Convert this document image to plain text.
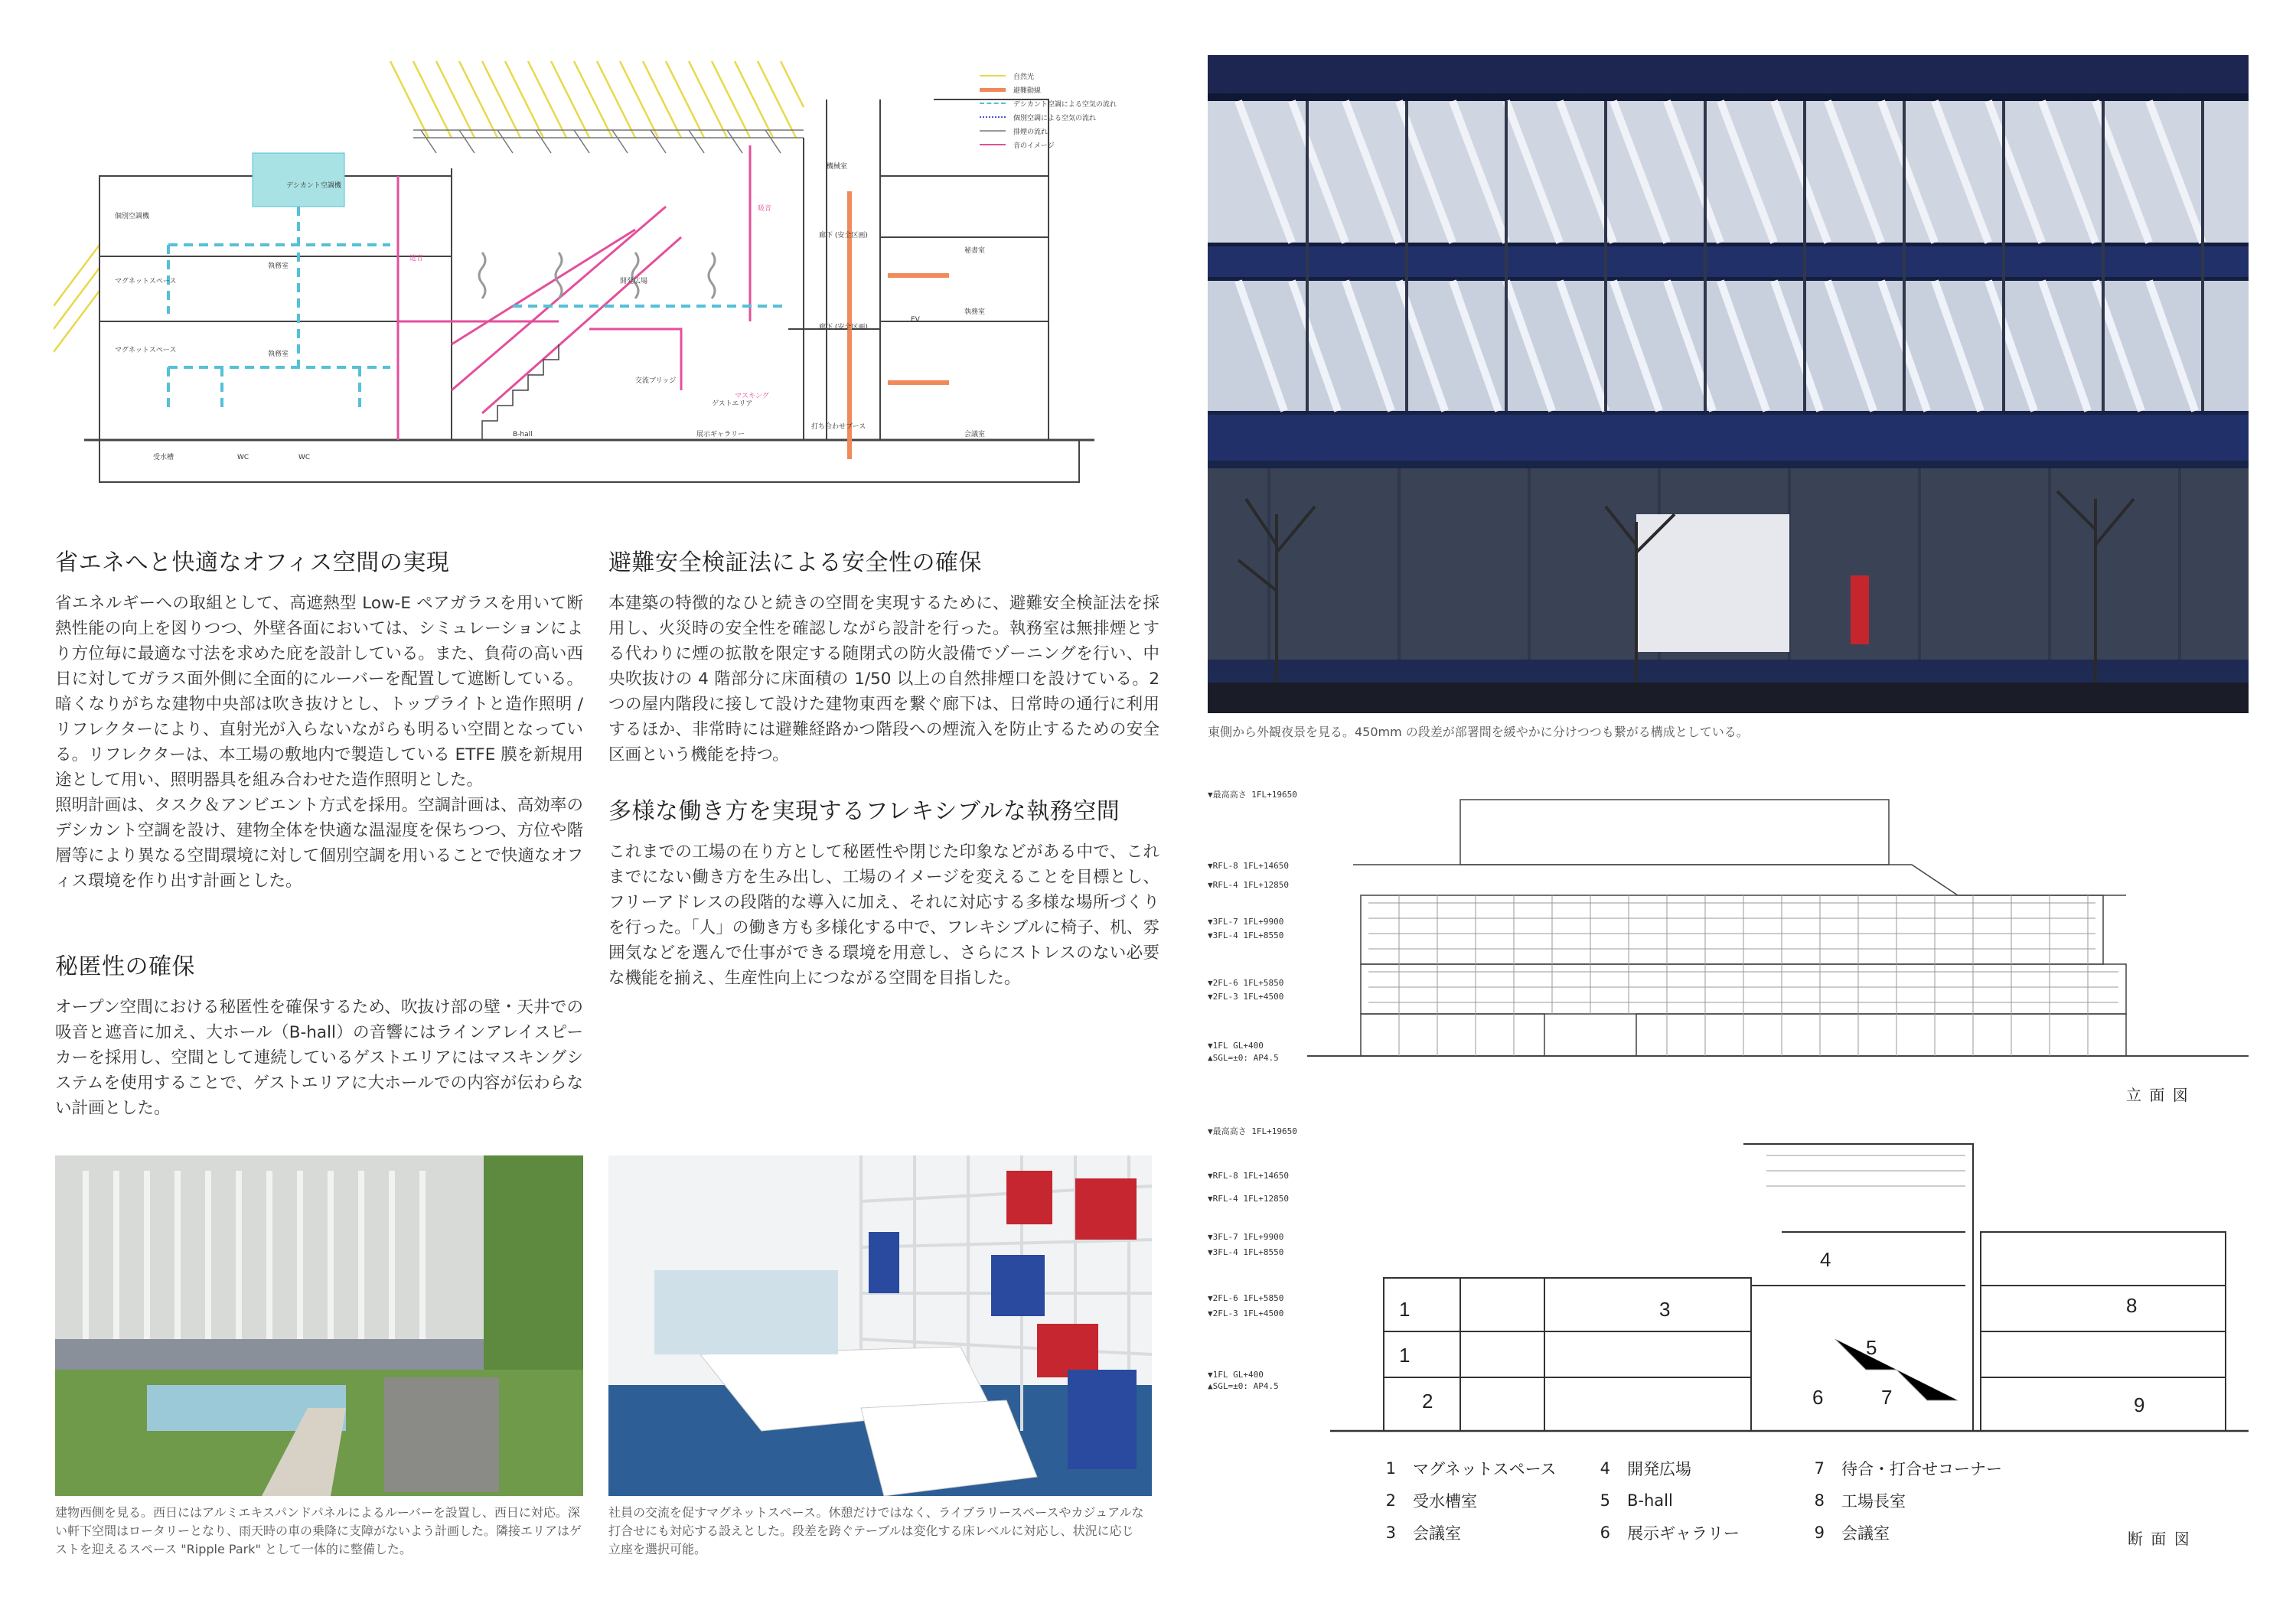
デシカント空調機
個別空調機
マグネットスペース
マグネットスペース
執務室
執務室
開発広場
交流ブリッジ
ゲストエリア
B-hall	展示ギャラリー
打ち合わせブース
受水槽	WC	WC
廊下 (安全区画)
廊下 (安全区画)
EV
秘書室
執務室
会議室
機械室
遮音
吸音
マスキング
自然光
避難動線
デシカント空調による空気の流れ
個別空調による空気の流れ
排煙の流れ
音のイメージ
省エネへと快適なオフィス空間の実現

省エネルギーへの取組として、高遮熱型 Low-E ペアガラスを用いて断熱性能の向上を図りつつ、外壁各面においては、シミュレーションにより方位毎に最適な寸法を求めた庇を設計している。また、負荷の高い西日に対してガラス面外側に全面的にルーバーを配置して遮断している。暗くなりがちな建物中央部は吹き抜けとし、トップライトと造作照明 / リフレクターにより、直射光が入らないながらも明るい空間となっている。リフレクターは、本工場の敷地内で製造している ETFE 膜を新規用途として用い、照明器具を組み合わせた造作照明とした。

照明計画は、タスク＆アンビエント方式を採用。空調計画は、高効率のデシカント空調を設け、建物全体を快適な温湿度を保ちつつ、方位や階層等により異なる空間環境に対して個別空調を用いることで快適なオフィス環境を作り出す計画とした。

秘匿性の確保

オープン空間における秘匿性を確保するため、吹抜け部の壁・天井での吸音と遮音に加え、大ホール（B-hall）の音響にはラインアレイスピーカーを採用し、空間として連続しているゲストエリアにはマスキングシステムを使用することで、ゲストエリアに大ホールでの内容が伝わらない計画とした。

避難安全検証法による安全性の確保

本建築の特徴的なひと続きの空間を実現するために、避難安全検証法を採用し、火災時の安全性を確認しながら設計を行った。執務室は無排煙とする代わりに煙の拡散を限定する随閉式の防火設備でゾーニングを行い、中央吹抜けの 4 階部分に床面積の 1/50 以上の自然排煙口を設けている。2 つの屋内階段に接して設けた建物東西を繋ぐ廊下は、日常時の通行に利用するほか、非常時には避難経路かつ階段への煙流入を防止するための安全区画という機能を持つ。

多様な働き方を実現するフレキシブルな執務空間

これまでの工場の在り方として秘匿性や閉じた印象などがある中で、これまでにない働き方を生み出し、工場のイメージを変えることを目標とし、フリーアドレスの段階的な導入に加え、それに対応する多様な場所づくりを行った。「人」の働き方も多様化する中で、フレキシブルに椅子、机、雰囲気などを選んで仕事ができる環境を用意し、さらにストレスのない必要な機能を揃え、生産性向上につながる空間を目指した。

東側から外観夜景を見る。450mm の段差が部署間を緩やかに分けつつも繋がる構成としている。
▼最高高さ 1FL+19650
▼RFL-8 1FL+14650
▼RFL-4 1FL+12850
▼3FL-7 1FL+9900
▼3FL-4 1FL+8550
▼2FL-6 1FL+5850
▼2FL-3 1FL+4500
▼1FL GL+400
▲SGL=±0: AP4.5
立 面 図
▼最高高さ 1FL+19650
▼RFL-8 1FL+14650
▼RFL-4 1FL+12850
▼3FL-7 1FL+9900
▼3FL-4 1FL+8550
▼2FL-6 1FL+5850
▼2FL-3 1FL+4500
▼1FL GL+400
▲SGL=±0: AP4.5
1
1
2
3
4
5
6	7
8
9
1 マグネットスペース
2 受水槽室
3 会議室
4 開発広場
5 B-hall
6 展示ギャラリー
7 待合・打合せコーナー
8 工場長室
9 会議室	断 面 図
建物西側を見る。西日にはアルミエキスパンドパネルによるルーバーを設置し、西日に対応。深い軒下空間はロータリーとなり、雨天時の車の乗降に支障がないよう計画した。隣接エリアはゲストを迎えるスペース "Ripple Park" として一体的に整備した。
社員の交流を促すマグネットスペース。休憩だけではなく、ライブラリースペースやカジュアルな打合せにも対応する設えとした。段差を跨ぐテーブルは変化する床レベルに対応し、状況に応じ立座を選択可能。
